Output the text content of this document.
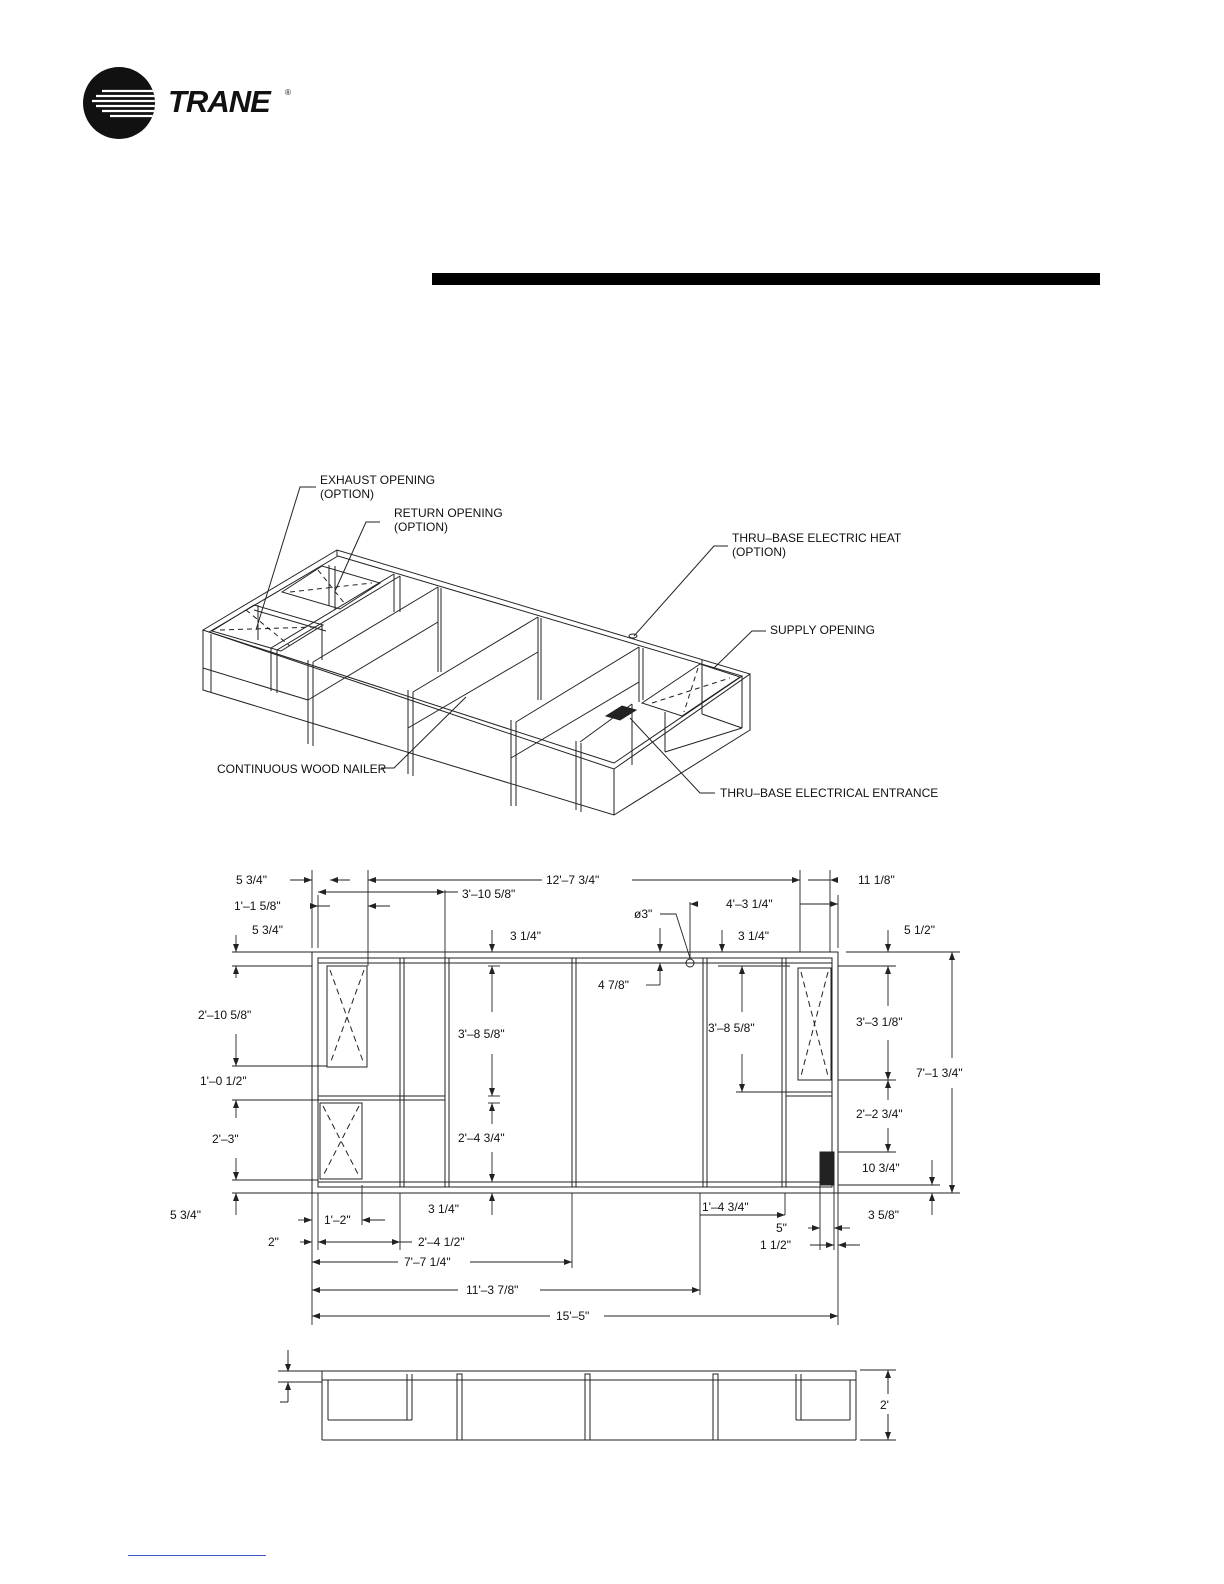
TRANE ®
EXHAUST OPENING
(OPTION)
RETURN OPENING
(OPTION)
THRU–BASE ELECTRIC HEAT
(OPTION)
SUPPLY OPENING
CONTINUOUS WOOD NAILER
THRU–BASE ELECTRICAL ENTRANCE
5 3/4"	12'–7 3/4"	11 1/8"
3'–10 5/8"
1'–1 5/8"
ø3"
4'–3 1/4"
5 3/4"	3 1/4"	3 1/4"	5 1/2"
4 7/8"
2'–10 5/8"
3'–8 5/8"	3'–8 5/8"	3'–3 1/8"
7'–1 3/4"
1'–0 1/2"
2'–2 3/4"
2'–3"	2'–4 3/4"
10 3/4"
5 3/4"	3 1/4"	1'–4 3/4"
3 5/8"
1'–2"
5"
2"	2'–4 1/2"	1 1/2"
7'–7 1/4"
11'–3 7/8"
15'–5"
2'
